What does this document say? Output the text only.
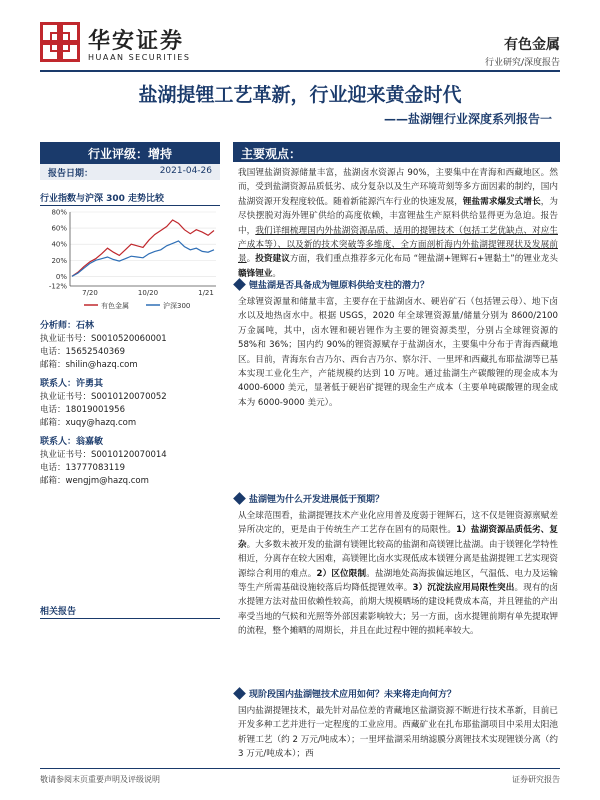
华安证券
HUAAN SECURITIES
有色金属
行业研究/深度报告
盐湖提锂工艺革新，行业迎来黄金时代
——盐湖锂行业深度系列报告一
行业评级：增持
报告日期：	2021-04-26
行业指数与沪深 300 走势比较
80%
60%
40%
20%
0%
-12%
7/20	10/20	1/21
有色金属	沪深300
分析师：石林
执业证书号：S0010520060001
电话：15652540369
邮箱：shilin@hazq.com
联系人：许勇其
执业证书号：S0010120070052
电话：18019001956
邮箱：xuqy@hazq.com
联系人：翁嘉敏
执业证书号：S0010120070014
电话：13777083119
邮箱：wengjm@hazq.com
相关报告
主要观点：
我国锂盐湖资源储量丰富，盐湖卤水资源占 90%，主要集中在青海和西藏地区。然而，受到盐湖资源品质低劣、成分复杂以及生产环境苛刻等多方面因素的制约，国内盐湖资源开发程度较低。随着新能源汽车行业的快速发展，锂盐需求爆发式增长，为尽快摆脱对海外锂矿供给的高度依赖，丰富锂盐生产原料供给显得更为急迫。报告中，我们详细梳理国内外盐湖资源品质、适用的提锂技术（包括工艺优缺点、对应生产成本等）、以及新的技术突破等多维度、全方面剖析海内外盐湖提锂现状及发展前景。投资建议方面，我们重点推荐多元化布局 “锂盐湖+锂辉石+锂黏土”的锂业龙头赣锋锂业。
锂盐湖是否具备成为锂原料供给支柱的潜力？
全球锂资源量和储量丰富，主要存在于盐湖卤水、硬岩矿石（包括锂云母）、地下卤水以及地热卤水中。根据 USGS，2020 年全球锂资源量/储量分别为 8600/2100 万金属吨，其中，卤水锂和硬岩锂作为主要的锂资源类型，分别占全球锂资源的 58%和 36%；国内约 90%的锂资源赋存于盐湖卤水，主要集中分布于青海西藏地区。目前，青海东台吉乃尔、西台吉乃尔、察尔汗、一里坪和西藏扎布耶盐湖等已基本实现工业化生产，产能规模约达到 10 万吨。通过盐湖生产碳酸锂的现金成本为 4000-6000 美元，显著低于硬岩矿提锂的现金生产成本（主要单吨碳酸锂的现金成本为 6000-9000 美元）。
盐湖锂为什么开发进展低于预期？
从全球范围看，盐湖提锂技术产业化应用普及度弱于锂辉石，这不仅是锂资源禀赋差异所决定的，更是由于传统生产工艺存在固有的局限性。1）盐湖资源品质低劣、复杂。大多数未被开发的盐湖有镁锂比较高的盐湖和高镁锂比盐湖。由于镁锂化学特性相近，分离存在较大困难，高镁锂比卤水实现低成本镁锂分离是盐湖提锂工艺实现资源综合利用的难点。2）区位限制。盐湖地处高海拔偏远地区，气温低、电力及运输等生产所需基础设施较落后均降低提锂效率。3）沉淀法应用局限性突出。现有的卤水提锂方法对盐田依赖性较高，前期大规模晒场的建设耗费成本高，并且锂盐的产出率受当地的气候和光照等外部因素影响较大；另一方面，卤水提锂前期有单先提取钾的流程，整个摊晒的周期长，并且在此过程中锂的损耗率较大。
现阶段国内盐湖锂技术应用如何？未来将走向何方？
国内盐湖提锂技术，最先针对品位差的青藏地区盐湖资源不断进行技术革新，目前已开发多种工艺并进行一定程度的工业应用。西藏矿业在扎布耶盐湖项目中采用太阳池析锂工艺（约 2 万元/吨成本）；一里坪盐湖采用纳滤膜分离锂技术实现锂镁分离（约 3 万元/吨成本）；西
敬请参阅末页重要声明及评级说明	证券研究报告
